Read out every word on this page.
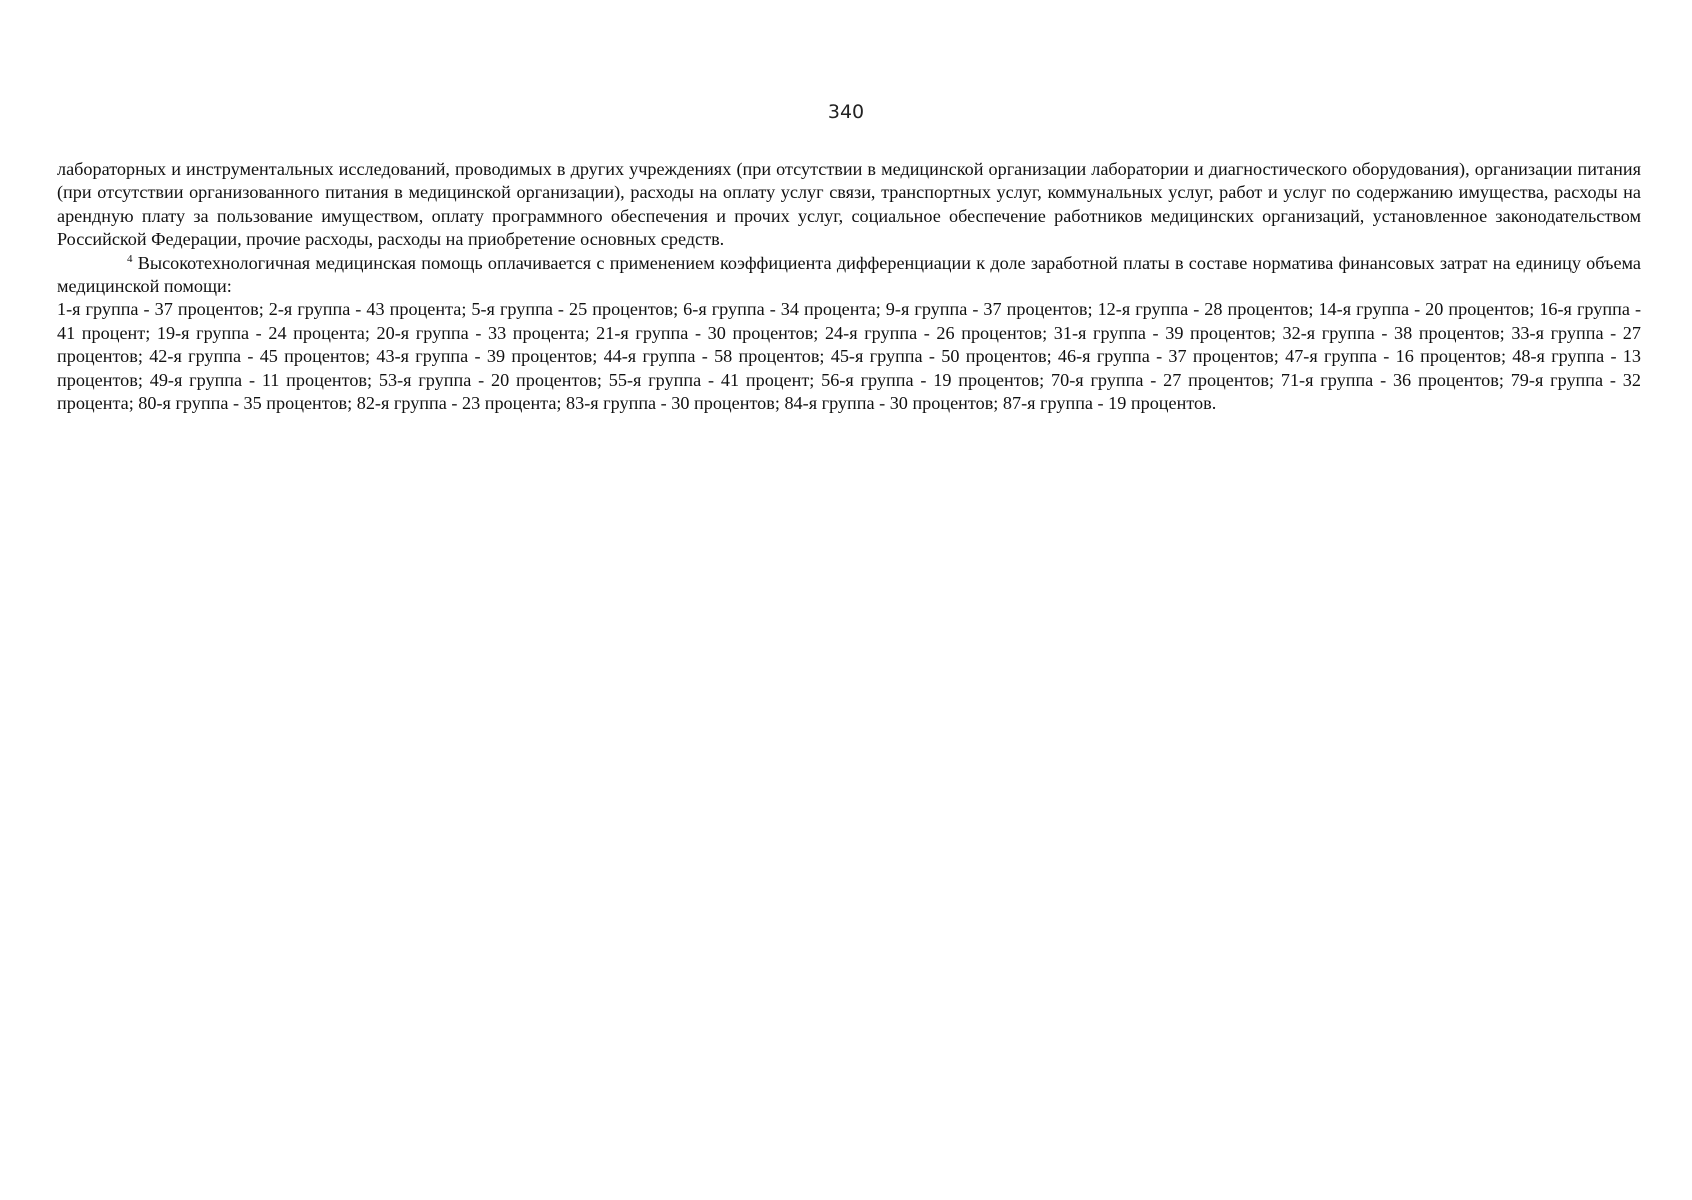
340

лабораторных и инструментальных исследований, проводимых в других учреждениях (при отсутствии в медицинской организации лаборатории и диагностического оборудования), организации питания (при отсутствии организованного питания в медицинской организации), расходы на оплату услуг связи, транспортных услуг, коммунальных услуг, работ и услуг по содержанию имущества, расходы на арендную плату за пользование имуществом, оплату программного обеспечения и прочих услуг, социальное обеспечение работников медицинских организаций, установленное законодательством Российской Федерации, прочие расходы, расходы на приобретение основных средств.

$^4$ Высокотехнологичная медицинская помощь оплачивается с применением коэффициента дифференциации к доле заработной платы в составе норматива финансовых затрат на единицу объема медицинской помощи:

1-я группа - 37 процентов; 2-я группа - 43 процента; 5-я группа - 25 процентов; 6-я группа - 34 процента; 9-я группа - 37 процентов; 12-я группа - 28 процентов; 14-я группа - 20 процентов; 16-я группа - 41 процент; 19-я группа - 24 процента; 20-я группа - 33 процента; 21-я группа - 30 процентов; 24-я группа - 26 процентов; 31-я группа - 39 процентов; 32-я группа - 38 процентов; 33-я группа - 27 процентов; 42-я группа - 45 процентов; 43-я группа - 39 процентов; 44-я группа - 58 процентов; 45-я группа - 50 процентов; 46-я группа - 37 процентов; 47-я группа - 16 процентов; 48-я группа - 13 процентов; 49-я группа - 11 процентов; 53-я группа - 20 процентов; 55-я группа - 41 процент; 56-я группа - 19 процентов; 70-я группа - 27 процентов; 71-я группа - 36 процентов; 79-я группа - 32 процента; 80-я группа - 35 процентов; 82-я группа - 23 процента; 83-я группа - 30 процентов; 84-я группа - 30 процентов; 87-я группа - 19 процентов.
